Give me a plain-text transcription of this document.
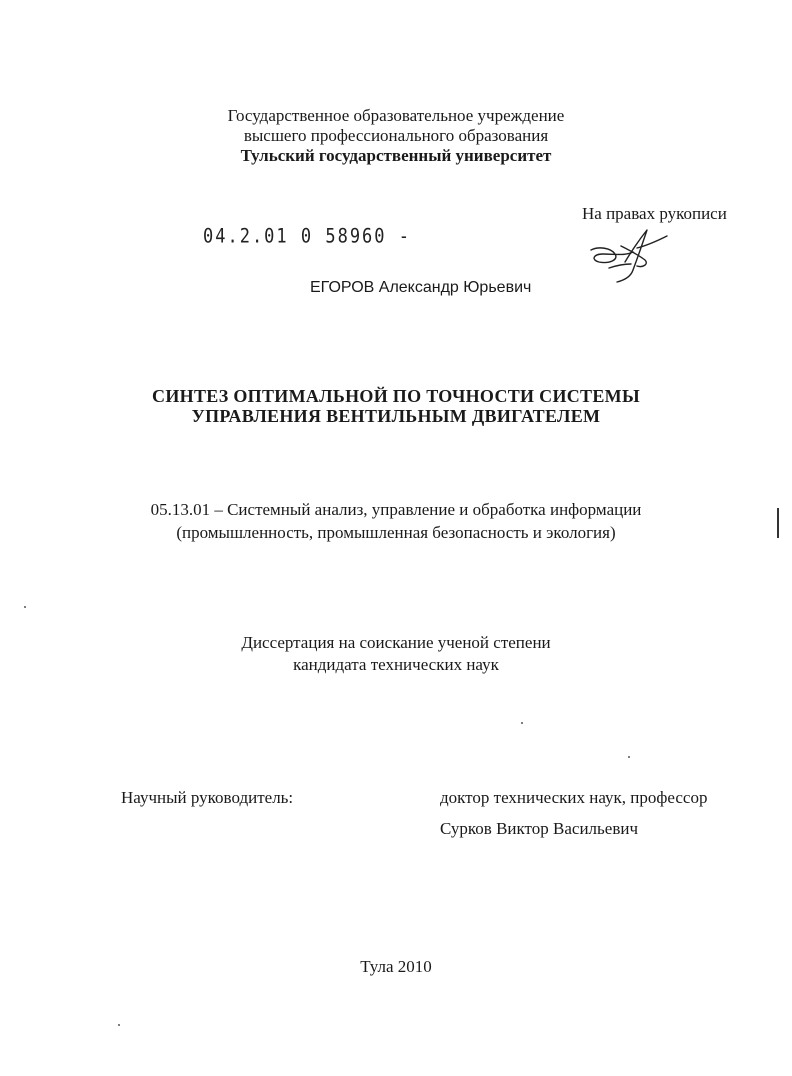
Государственное образовательное учреждение
высшего профессионального образования
Тульский государственный университет
На правах рукописи
04.2.01 0 58960 -
ЕГОРОВ Александр Юрьевич
СИНТЕЗ ОПТИМАЛЬНОЙ ПО ТОЧНОСТИ СИСТЕМЫ
УПРАВЛЕНИЯ ВЕНТИЛЬНЫМ ДВИГАТЕЛЕМ
05.13.01 – Системный анализ, управление и обработка информации
(промышленность, промышленная безопасность и экология)
Диссертация на соискание ученой степени
кандидата технических наук
Научный руководитель:	доктор технических наук, профессор
Сурков Виктор Васильевич
Тула 2010
